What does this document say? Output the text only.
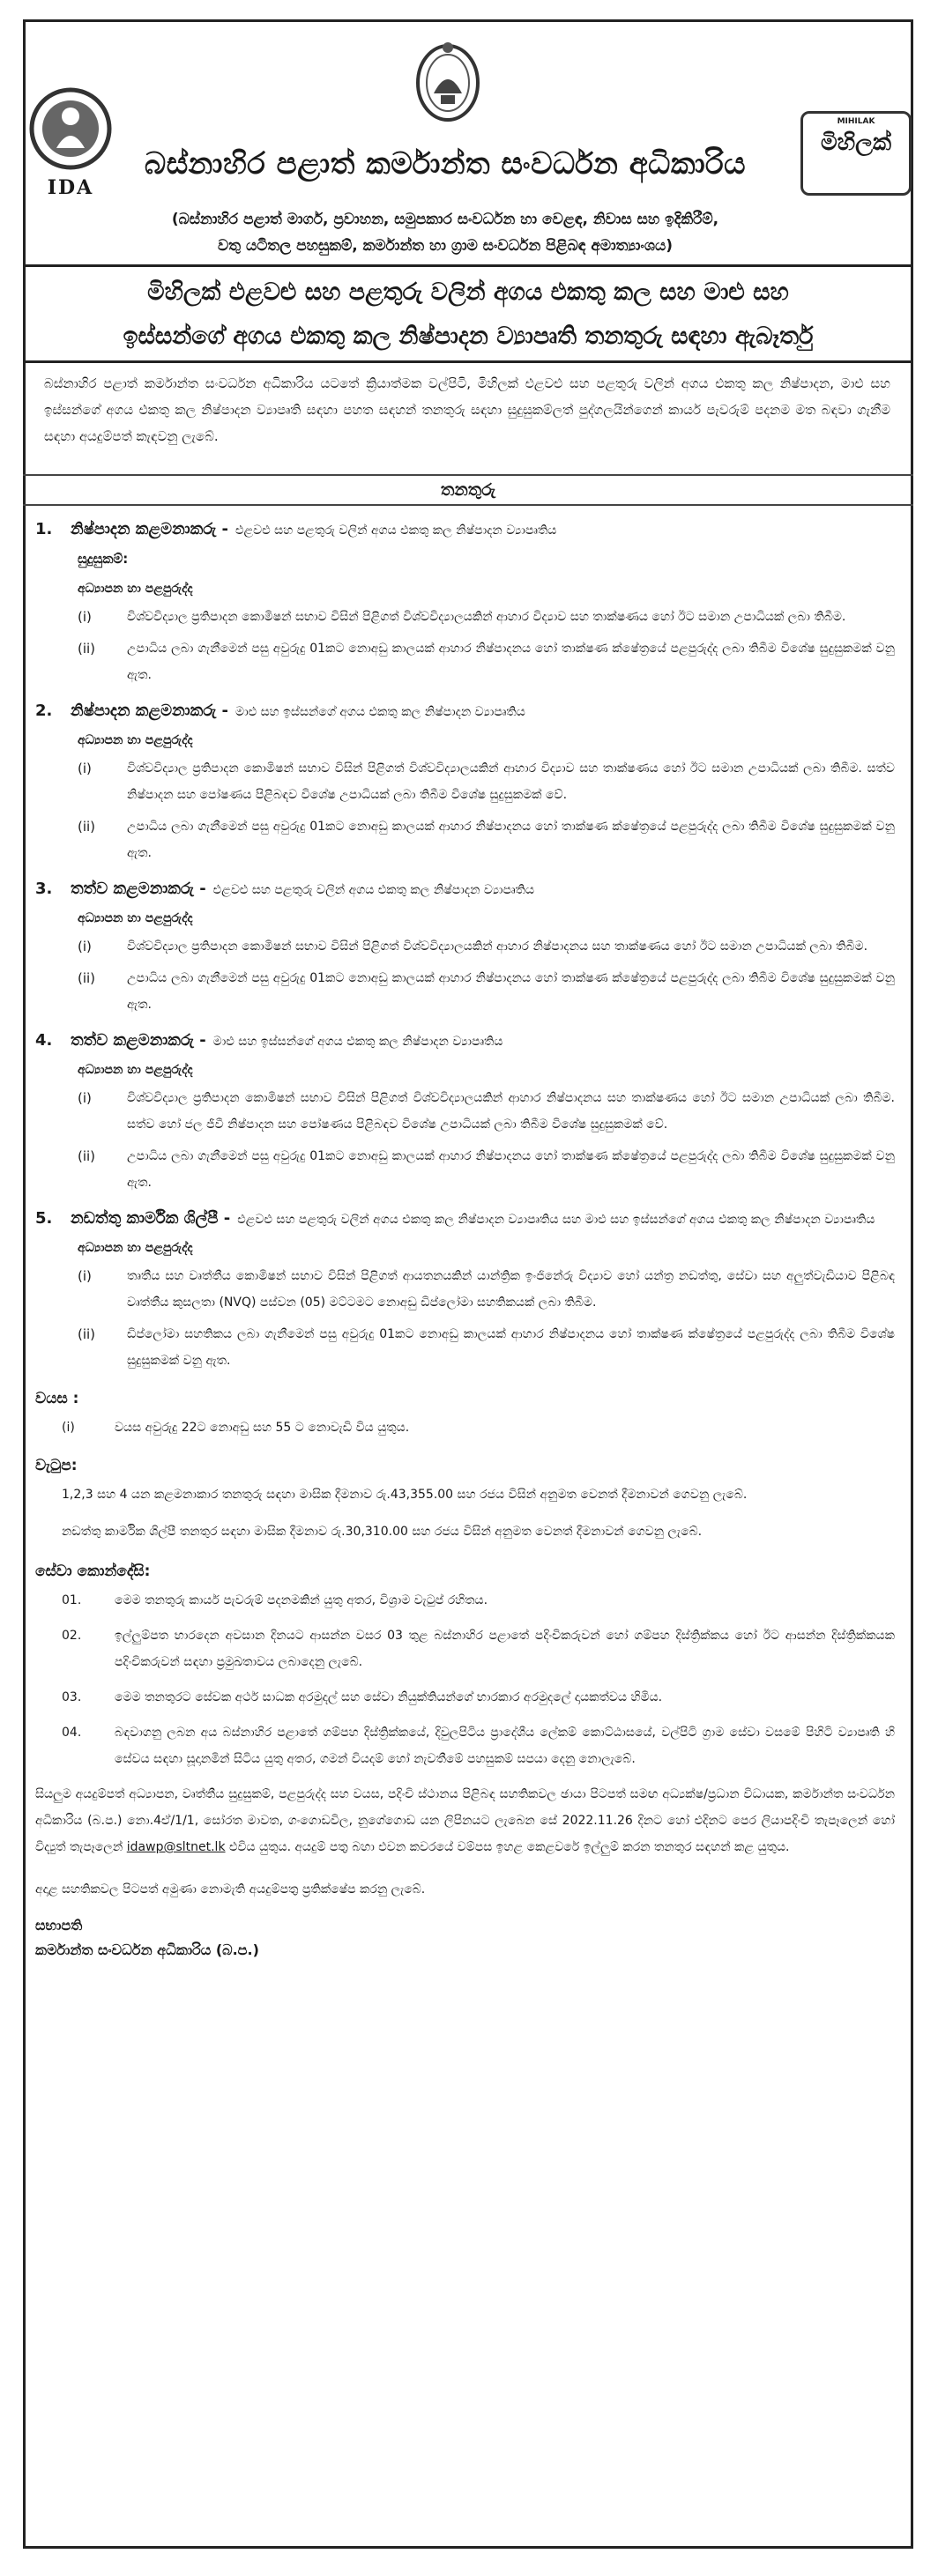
IDA
MIHILAK
මිහිලක්
බස්නාහිර පළාත් කර්මාන්ත සංවර්ධන අධිකාරිය
(බස්නාහිර පළාත් මාර්ග, ප්‍රවාහන, සමුපකාර සංවර්ධන හා වෙළඳ, නිවාස සහ ඉදිකිරීම්,
වතු යටිතල පහසුකම්, කර්මාන්ත හා ග්‍රාම සංවර්ධන පිළිබඳ අමාත්‍යාංශය)
මිහිලක් එළවළු සහ පළතුරු වලින් අගය එකතු කල සහ මාළු සහ
ඉස්සන්ගේ අගය එකතු කල නිෂ්පාදන ව්‍යාපෘති තනතුරු සඳහා ඇබෑර්තු
බස්නාහිර පළාත් කර්මාන්ත සංවර්ධන අධිකාරිය යටතේ ක්‍රියාත්මක වල්පිටි, මිහිලක් එළවළු සහ පළතුරු වලින් අගය එකතු කල නිෂ්පාදන, මාළු සහ ඉස්සන්ගේ අගය එකතු කල නිෂ්පාදන ව්‍යාපෘති සඳහා පහත සඳහන් තනතුරු සඳහා සුදුසුකම්ලත් පුද්ගලයින්ගෙන් කාර්ය පැවරුම් පදනම මත බඳවා ගැනීම සඳහා අයදුම්පත් කැඳවනු ලැබේ.
තනතුරු
1.	නිෂ්පාදන කළමනාකරු - එළවළු සහ පළතුරු වලින් අගය එකතු කල නිෂ්පාදන ව්‍යාපෘතිය
සුදුසුකම්:
අධ්‍යාපන හා පළපුරුද්ද
(i)	විශ්වවිද්‍යාල ප්‍රතිපාදන කොමිෂන් සභාව විසින් පිළිගත් විශ්වවිද්‍යාලයකින් ආහාර විද්‍යාව සහ තාක්ෂණය හෝ ඊට සමාන උපාධියක් ලබා තිබීම.
(ii)	උපාධිය ලබා ගැනීමෙන් පසු අවුරුදු 01කට නොඅඩු කාලයක් ආහාර නිෂ්පාදනය හෝ තාක්ෂණ ක්ෂේත්‍රයේ පළපුරුද්ද ලබා තිබීම විශේෂ සුදුසුකමක් වනු ඇත.
2.	නිෂ්පාදන කළමනාකරු - මාළු සහ ඉස්සන්ගේ අගය එකතු කල නිෂ්පාදන ව්‍යාපෘතිය
අධ්‍යාපන හා පළපුරුද්ද
(i)	විශ්වවිද්‍යාල ප්‍රතිපාදන කොමිෂන් සභාව විසින් පිළිගත් විශ්වවිද්‍යාලයකින් ආහාර විද්‍යාව සහ තාක්ෂණය හෝ ඊට සමාන උපාධියක් ලබා තිබීම. සත්ව නිෂ්පාදන සහ පෝෂණය පිළිබඳව විශේෂ උපාධියක් ලබා තිබීම විශේෂ සුදුසුකමක් වේ.
(ii)	උපාධිය ලබා ගැනීමෙන් පසු අවුරුදු 01කට නොඅඩු කාලයක් ආහාර නිෂ්පාදනය හෝ තාක්ෂණ ක්ෂේත්‍රයේ පළපුරුද්ද ලබා තිබීම විශේෂ සුදුසුකමක් වනු ඇත.
3.	තත්ව කළමනාකරු - එළවළු සහ පළතුරු වලින් අගය එකතු කල නිෂ්පාදන ව්‍යාපෘතිය
අධ්‍යාපන හා පළපුරුද්ද
(i)	විශ්වවිද්‍යාල ප්‍රතිපාදන කොමිෂන් සභාව විසින් පිළිගත් විශ්වවිද්‍යාලයකින් ආහාර නිෂ්පාදනය සහ තාක්ෂණය හෝ ඊට සමාන උපාධියක් ලබා තිබීම.
(ii)	උපාධිය ලබා ගැනීමෙන් පසු අවුරුදු 01කට නොඅඩු කාලයක් ආහාර නිෂ්පාදනය හෝ තාක්ෂණ ක්ෂේත්‍රයේ පළපුරුද්ද ලබා තිබීම විශේෂ සුදුසුකමක් වනු ඇත.
4.	තත්ව කළමනාකරු - මාළු සහ ඉස්සන්ගේ අගය එකතු කල නිෂ්පාදන ව්‍යාපෘතිය
අධ්‍යාපන හා පළපුරුද්ද
(i)	විශ්වවිද්‍යාල ප්‍රතිපාදන කොමිෂන් සභාව විසින් පිළිගත් විශ්වවිද්‍යාලයකින් ආහාර නිෂ්පාදනය සහ තාක්ෂණය හෝ ඊට සමාන උපාධියක් ලබා තිබීම. සත්ව හෝ ජල ජීවී නිෂ්පාදන සහ පෝෂණය පිළිබඳව විශේෂ උපාධියක් ලබා තිබීම විශේෂ සුදුසුකමක් වේ.
(ii)	උපාධිය ලබා ගැනීමෙන් පසු අවුරුදු 01කට නොඅඩු කාලයක් ආහාර නිෂ්පාදනය හෝ තාක්ෂණ ක්ෂේත්‍රයේ පළපුරුද්ද ලබා තිබීම විශේෂ සුදුසුකමක් වනු ඇත.
5.	නඩත්තු කාර්මික ශිල්පී - එළවළු සහ පළතුරු වලින් අගය එකතු කල නිෂ්පාදන ව්‍යාපෘතිය සහ මාළු සහ ඉස්සන්ගේ අගය එකතු කල නිෂ්පාදන ව්‍යාපෘතිය
අධ්‍යාපන හා පළපුරුද්ද
(i)	තෘතීය සහ වෘත්තීය කොමිෂන් සභාව විසින් පිළිගත් ආයතනයකින් යාන්ත්‍රික ඉංජිනේරු විද්‍යාව හෝ යන්ත්‍ර නඩත්තු, සේවා සහ අලුත්වැඩියාව පිළිබඳ වෘත්තීය කුසලතා (NVQ) පස්වන (05) මට්ටමට නොඅඩු ඩිප්ලෝමා සහතිකයක් ලබා තිබීම.
(ii)	ඩිප්ලෝමා සහතිකය ලබා ගැනීමෙන් පසු අවුරුදු 01කට නොඅඩු කාලයක් ආහාර නිෂ්පාදනය හෝ තාක්ෂණ ක්ෂේත්‍රයේ පළපුරුද්ද ලබා තිබීම විශේෂ සුදුසුකමක් වනු ඇත.
වයස :
(i)	වයස අවුරුදු 22ට නොඅඩු සහ 55 ට නොවැඩි විය යුතුය.
වැටුප:
1,2,3 සහ 4 යන කළමනාකාර තනතුරු සඳහා මාසික දීමනාව රු.43,355.00 සහ රජය විසින් අනුමත වෙනත් දීමනාවන් ගෙවනු ලැබේ.
නඩත්තු කාර්මික ශිල්පී තනතුර සඳහා මාසික දීමනාව රු.30,310.00 සහ රජය විසින් අනුමත වෙනත් දීමනාවන් ගෙවනු ලැබේ.
සේවා කොන්දේසි:
01.	මෙම තනතුරු කාර්ය පැවරුම් පදනමකින් යුතු අතර, විශ්‍රාම වැටුප් රහිතය.
02.	ඉල්ලුම්පත භාරදෙන අවසාන දිනයට ආසන්න වසර 03 තුළ බස්නාහිර පළාතේ පදිංචිකරුවන් හෝ ගම්පහ දිස්ත්‍රික්කය හෝ ඊට ආසන්න දිස්ත්‍රික්කයක පදිංචිකරුවන් සඳහා ප්‍රමුඛතාවය ලබාදෙනු ලැබේ.
03.	මෙම තනතුරට සේවක අර්ථ සාධක අරමුදල් සහ සේවා නියුක්තියන්ගේ භාරකාර අරමුදලේ දායකත්වය හිමිය.
04.	බඳවාගනු ලබන අය බස්නාහිර පළාතේ ගම්පහ දිස්ත්‍රික්කයේ, දිවුලපිටිය ප්‍රාදේශීය ලේකම් කොට්ඨාසයේ, වල්පිටි ග්‍රාම සේවා වසමේ පිහිටි ව්‍යාපෘති හි සේවය සඳහා සූදානමින් සිටිය යුතු අතර, ගමන් වියදම් හෝ නැවතීමේ පහසුකම් සපයා දෙනු නොලැබේ.
සියලුම අයදුම්පත් අධ්‍යාපන, වෘත්තීය සුදුසුකම්, පළපුරුද්ද සහ වයස, පදිංචි ස්ථානය පිළිබඳ සහතිකවල ඡායා පිටපත් සමඟ අධ්‍යක්ෂ/ප්‍රධාන විධායක, කර්මාන්ත සංවර්ධන අධිකාරිය (බ.ප.) නො.4ඒ/1/1, සෝරත මාවත, ගංගොඩවිල, නුගේගොඩ යන ලිපිනයට ලැබෙන සේ 2022.11.26 දිනට හෝ එදිනට පෙර ලියාපදිංචි තැපෑලෙන් හෝ විද්‍යුත් තැපෑලෙන් idawp@sltnet.lk එවිය යුතුය. අයදුම් පත‍්‍ර බහා එවන කවරයේ වම්පස ඉහළ කෙළවරේ ඉල්ලුම් කරන තනතුර සඳහන් කළ යුතුය.
අදාළ සහතිකවල පිටපත් අමුණා නොමැති අයදුම්පත‍්‍ර ප්‍රතික්ෂේප කරනු ලැබේ.
සභාපති
කර්මාන්ත සංවර්ධන අධිකාරිය (බ.ප.)
